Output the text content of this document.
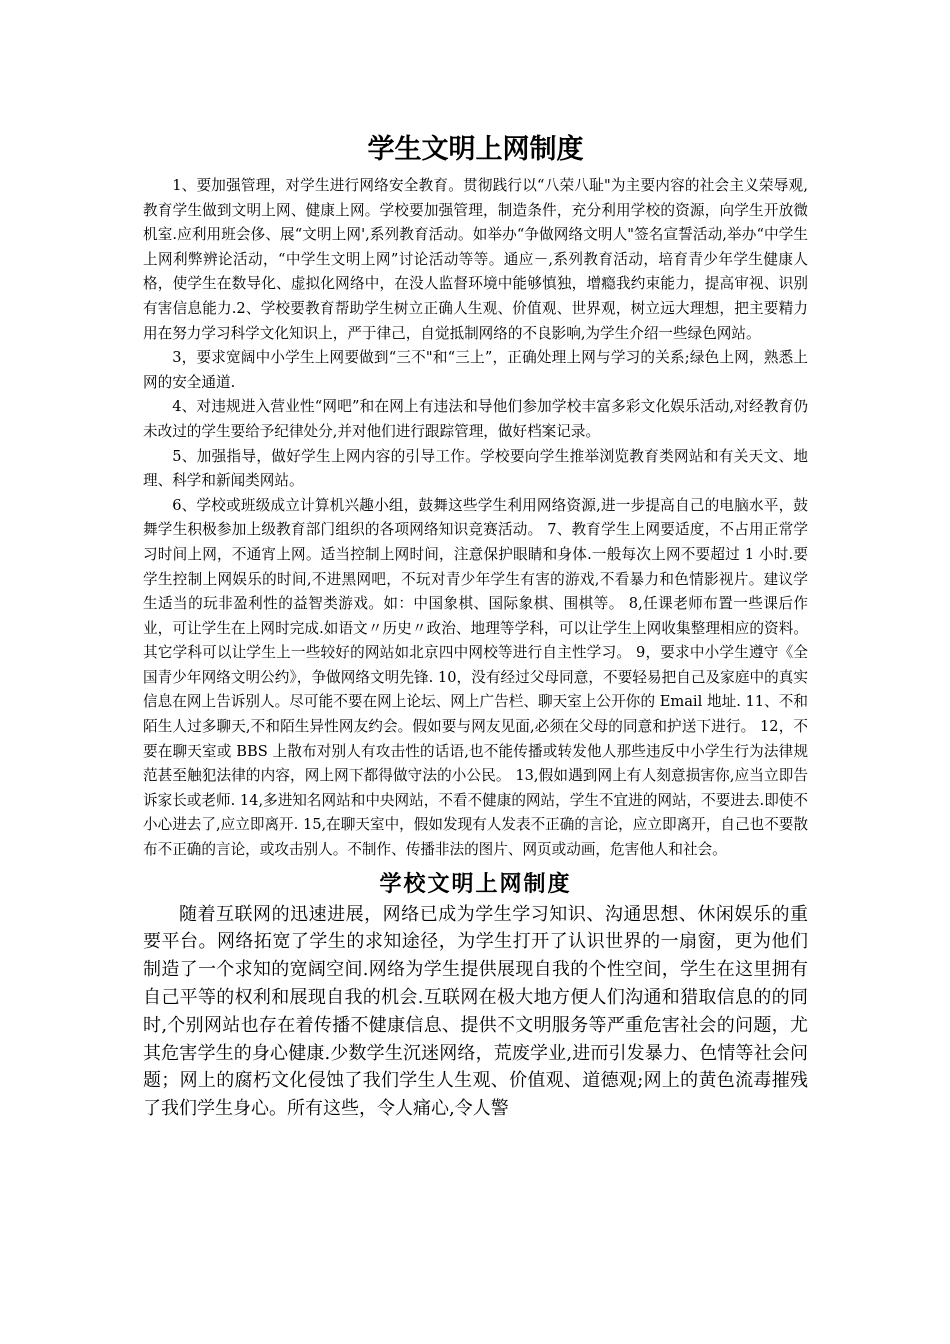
学生文明上网制度

1、要加强管理，对学生进行网络安全教育。贯彻践行以“八荣八耻"为主要内容的社会主义荣辱观,教育学生做到文明上网、健康上网。学校要加强管理，制造条件，充分利用学校的资源，向学生开放微机室.应利用班会侈、展“文明上网',系列教育活动。如举办“争做网络文明人"签名宣誓活动,举办“中学生上网利弊辨论活动，“中学生文明上网”讨论活动等等。通应－,系列教育活动，培育青少年学生健康人格，使学生在数导化、虚拟化网络中，在没人监督环境中能够慎独，增瘾我约束能力，提高审视、识别有害信息能力.2、学校要教育帮助学生树立正确人生观、价值观、世界观，树立远大理想，把主要精力用在努力学习科学文化知识上，严于律己，自觉抵制网络的不良影响,为学生介绍一些绿色网站。

3，要求宽阔中小学生上网要做到“三不"和“三上”，正确处理上网与学习的关系;绿色上网，熟悉上网的安全通道.

4、对违规进入营业性“网吧”和在网上有违法和导他们参加学校丰富多彩文化娱乐活动,对经教育仍未改过的学生要给予纪律处分,并对他们进行跟踪管理，做好档案记录。

5、加强指导，做好学生上网内容的引导工作。学校要向学生推举浏览教育类网站和有关天文、地理、科学和新闻类网站。

6、学校或班级成立计算机兴趣小组，鼓舞这些学生利用网络资源,进一步提高自己的电脑水平，鼓舞学生积极参加上级教育部门组织的各项网络知识竞赛活动。 7、教育学生上网要适度，不占用正常学习时间上网，不通宵上网。适当控制上网时间，注意保护眼睛和身体.一般每次上网不要超过 1 小时.要学生控制上网娱乐的时间,不进黑网吧，不玩对青少年学生有害的游戏,不看暴力和色情影视片。建议学生适当的玩非盈利性的益智类游戏。如：中国象棋、国际象棋、围棋等。 8,任课老师布置一些课后作业，可让学生在上网时完成.如语文〃历史〃政治、地理等学科，可以让学生上网收集整理相应的资料。其它学科可以让学生上一些较好的网站如北京四中网校等进行自主性学习。 9，要求中小学生遵守《全国青少年网络文明公约》，争做网络文明先锋. 10，没有经过父母同意，不要轻易把自己及家庭中的真实信息在网上告诉别人。尽可能不要在网上论坛、网上广告栏、聊天室上公开你的 Email 地址. 11、不和陌生人过多聊天,不和陌生异性网友约会。假如要与网友见面,必须在父母的同意和护送下进行。 12，不要在聊天室或 BBS 上散布对别人有攻击性的话语,也不能传播或转发他人那些违反中小学生行为法律规范甚至触犯法律的内容，网上网下都得做守法的小公民。 13,假如遇到网上有人刻意损害你,应当立即告诉家长或老师. 14,多进知名网站和中央网站，不看不健康的网站，学生不宜进的网站，不要进去.即使不小心进去了,应立即离开. 15,在聊天室中，假如发现有人发表不正确的言论，应立即离开，自己也不要散布不正确的言论，或攻击别人。不制作、传播非法的图片、网页或动画，危害他人和社会。

学校文明上网制度

随着互联网的迅速进展，网络已成为学生学习知识、沟通思想、休闲娱乐的重要平台。网络拓宽了学生的求知途径，为学生打开了认识世界的一扇窗，更为他们制造了一个求知的宽阔空间.网络为学生提供展现自我的个性空间，学生在这里拥有自己平等的权利和展现自我的机会.互联网在极大地方便人们沟通和猎取信息的的同时,个别网站也存在着传播不健康信息、提供不文明服务等严重危害社会的问题，尤其危害学生的身心健康.少数学生沉迷网络，荒废学业,进而引发暴力、色情等社会问题；网上的腐朽文化侵蚀了我们学生人生观、价值观、道德观;网上的黄色流毒摧残了我们学生身心。所有这些，令人痛心,令人警
